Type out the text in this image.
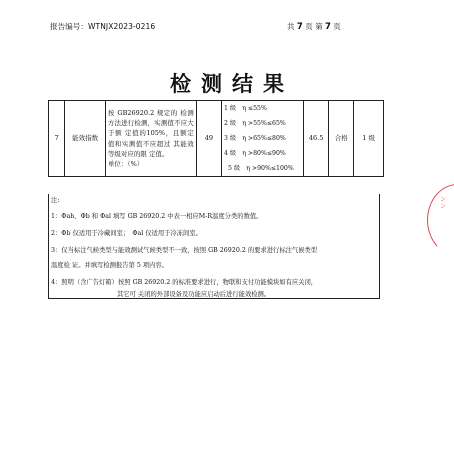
报告编号：WTNJX2023-0216	共 7 页 第 7 页
检测结果
7	能效指数	
按 GB26920.2 规定的 检测方法进行检测，实测值不应大于额 定值的105%，且额定 值和实测值不应超过 其能效等级对应的限 定值。
单位：（%）
	49	
1 级　η ≤55%
2 级　η >55%≤65%
3 级　η >65%≤80%
4 级　η >80%≤90%
5 级　η >90%≤100%
	46.5	合格	1 级
注:
1：Φah、Φb 和 Φal 填写 GB 26920.2 中表一相应M-R温度分类的数值。
2：Φb 仅适用于冷藏间室；　Φal 仅适用于冷冻间室。
3：仅当标注气候类型与能效测试气候类型不一致，按照 GB 26920.2 的要求进行标注气候类型
温度检 证。并填写检测报告第 5 项内容。
4：照明（含广告灯箱）按照 GB 26920.2 的标准要求进行，物联和支付功能模块如有应关闭，
其它可 关闭的外部设备及功能应启动后进行能效检测。
ン ン
